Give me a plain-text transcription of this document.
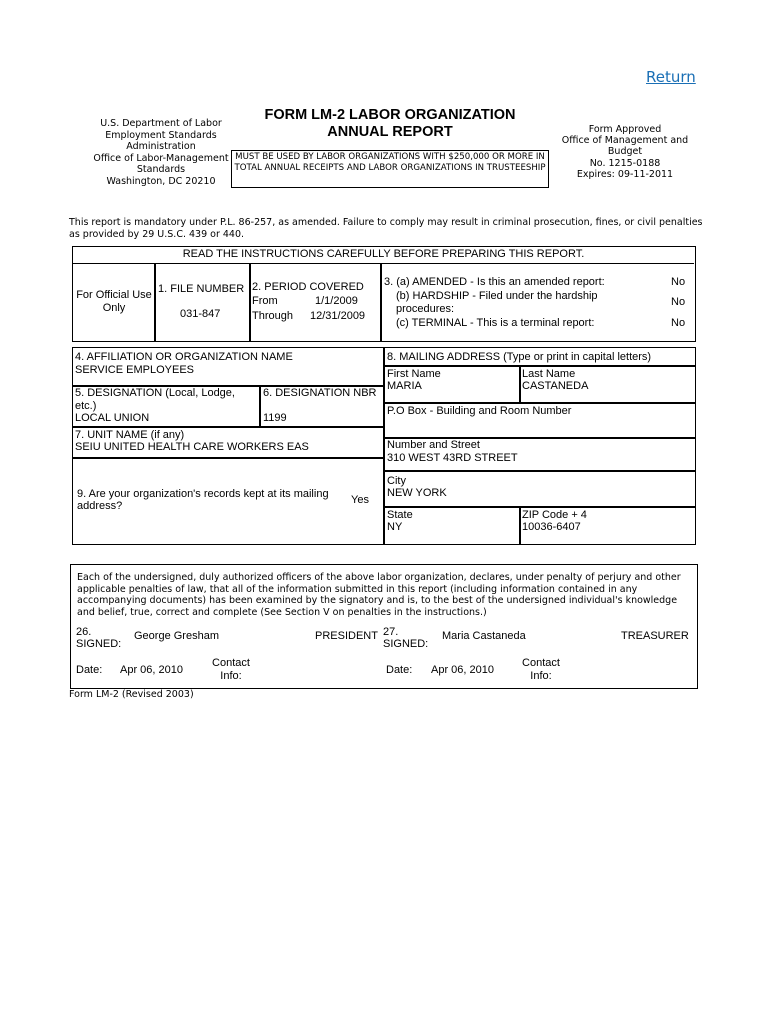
Return
U.S. Department of Labor
Employment Standards
Administration
Office of Labor-Management
Standards
Washington, DC 20210
FORM LM-2 LABOR ORGANIZATION
ANNUAL REPORT
MUST BE USED BY LABOR ORGANIZATIONS WITH $250,000 OR MORE IN TOTAL ANNUAL RECEIPTS AND LABOR ORGANIZATIONS IN TRUSTEESHIP
Form Approved
Office of Management and
Budget
No. 1215-0188
Expires: 09-11-2011
This report is mandatory under P.L. 86-257, as amended. Failure to comply may result in criminal prosecution, fines, or civil penalties as provided by 29 U.S.C. 439 or 440.
READ THE INSTRUCTIONS CAREFULLY BEFORE PREPARING THIS REPORT.
For Official Use
Only
1. FILE NUMBER
031-847
2. PERIOD COVERED
From	1/1/2009
Through 12/31/2009
3. (a) AMENDED - Is this an amended report:	No
(b) HARDSHIP - Filed under the hardship
procedures:
No
(c) TERMINAL - This is a terminal report:	No
4. AFFILIATION OR ORGANIZATION NAME
SERVICE EMPLOYEES
5. DESIGNATION (Local, Lodge,
etc.)
LOCAL UNION
6. DESIGNATION NBR
1199
7. UNIT NAME (if any)
SEIU UNITED HEALTH CARE WORKERS EAS
9. Are your organization's records kept at its mailing
address?	Yes
8. MAILING ADDRESS (Type or print in capital letters)
First Name
MARIA
Last Name
CASTANEDA
P.O Box - Building and Room Number
Number and Street
310 WEST 43RD STREET
City
NEW YORK
State
NY
ZIP Code + 4
10036-6407
Each of the undersigned, duly authorized officers of the above labor organization, declares, under penalty of perjury and other applicable penalties of law, that all of the information submitted in this report (including information contained in any accompanying documents) has been examined by the signatory and is, to the best of the undersigned individual's knowledge and belief, true, correct and complete (See Section V on penalties in the instructions.)
26.
SIGNED:
George Gresham	PRESIDENT
Date: Apr 06, 2010
Contact
Info:
27.
SIGNED:
Maria Castaneda	TREASURER
Date: Apr 06, 2010
Contact
Info:
Form LM-2 (Revised 2003)
